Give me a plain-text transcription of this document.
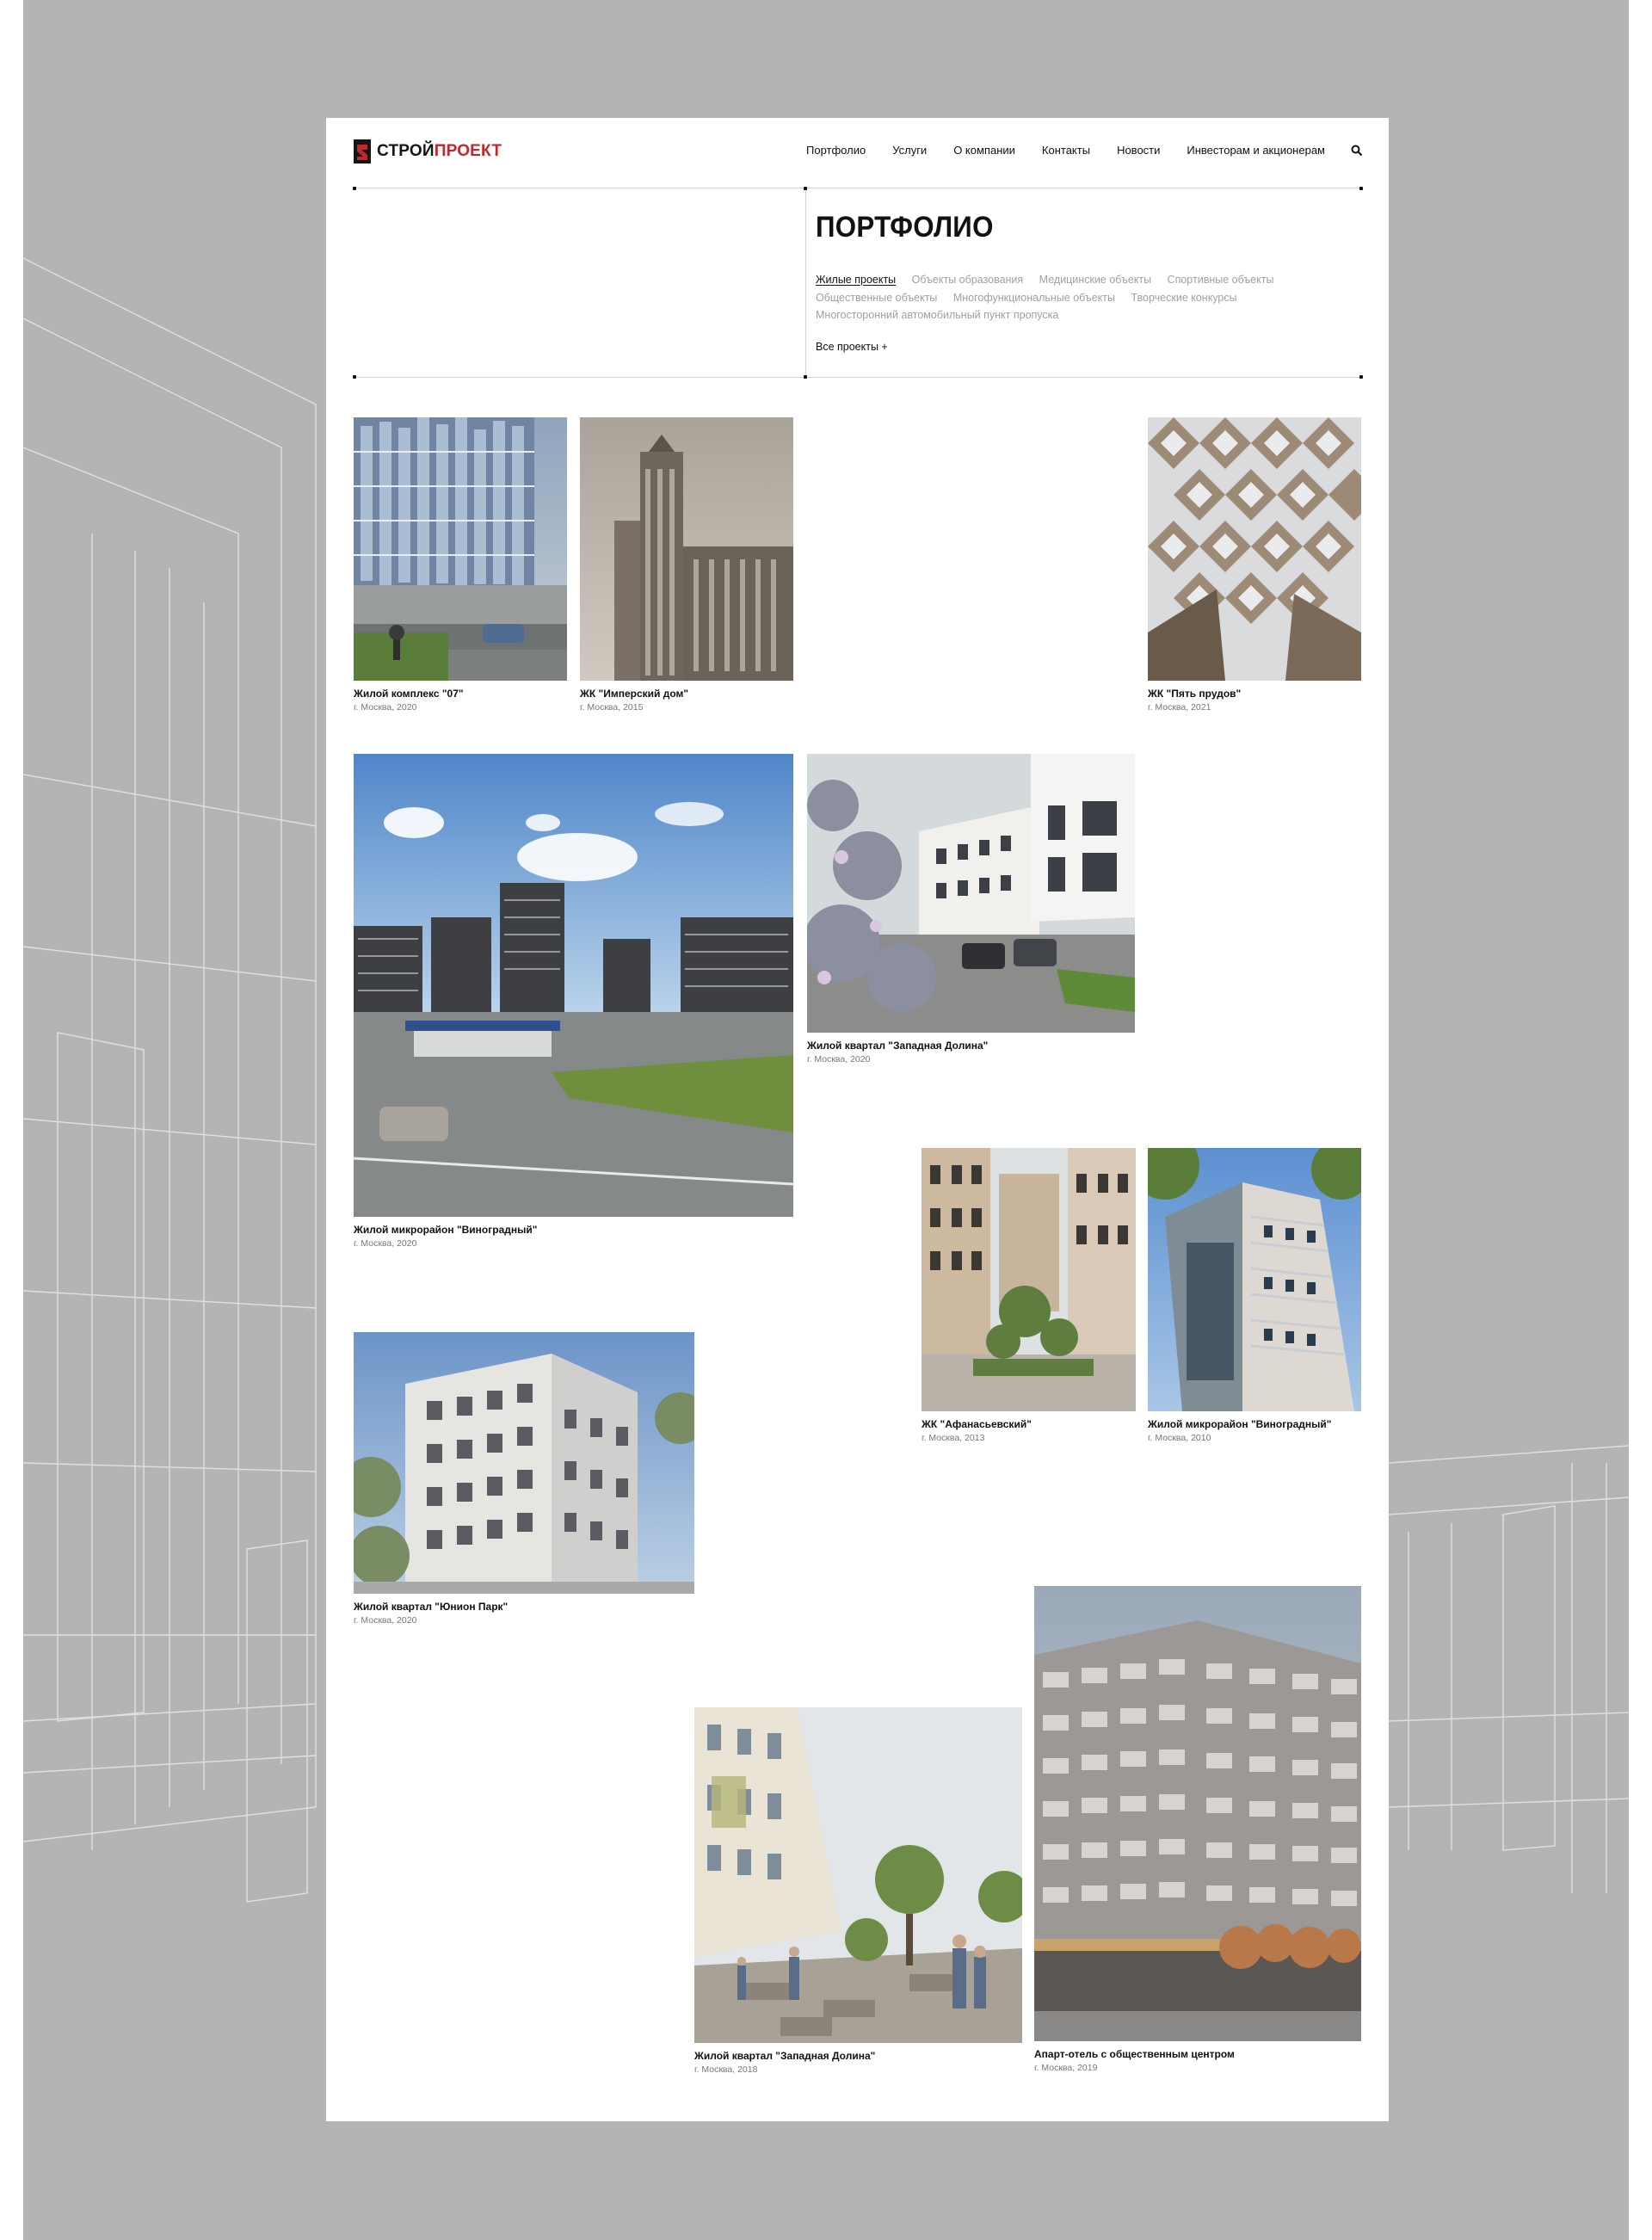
СТРОЙПРОЕКТ	Портфолио Услуги О компании Контакты Новости Инвесторам и акционерам
ПОРТФОЛИО
Жилые проекты Объекты образования Медицинские объекты Спортивные объекты Общественные объекты Многофункциональные объекты Творческие конкурсы Многосторонний автомобильный пункт пропуска
Все проекты +
Жилой комплекс "07"
г. Москва, 2020
ЖК "Имперский дом"
г. Москва, 2015
ЖК "Пять прудов"
г. Москва, 2021
Жилой микрорайон "Виноградный"
г. Москва, 2020
Жилой квартал "Западная Долина"
г. Москва, 2020
ЖК "Афанасьевский"
г. Москва, 2013
Жилой микрорайон "Виноградный"
г. Москва, 2010
Жилой квартал "Юнион Парк"
г. Москва, 2020
Жилой квартал "Западная Долина"
г. Москва, 2018
Апарт-отель с общественным центром
г. Москва, 2019
